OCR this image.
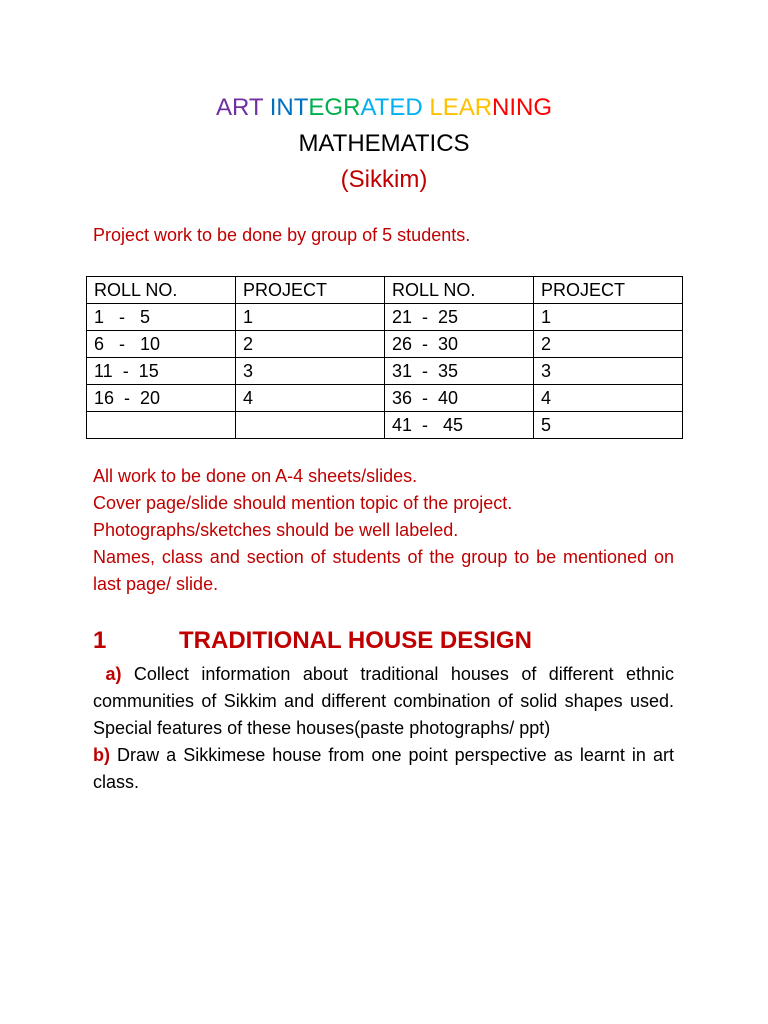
ART INTEGRATED LEARNING
MATHEMATICS
(Sikkim)
Project work to be done by group of 5 students.
ROLL NO.	PROJECT	ROLL NO.	PROJECT
1   -   5	1	21  -  25	1
6   -   10	2	26  -  30	2
11  -  15	3	31  -  35	3
16  -  20	4	36  -  40	4
		41  -   45	5

All work to be done on A-4 sheets/slides.

Cover page/slide should mention topic of the project.

Photographs/sketches should be well labeled.

Names, class and section of students of the group to be mentioned on last page/ slide.

1	TRADITIONAL HOUSE DESIGN

a) Collect information about traditional houses of different ethnic communities of Sikkim and different combination of solid shapes used. Special features of these houses(paste photographs/ ppt)

b) Draw a Sikkimese house from one point perspective as learnt in art class.
